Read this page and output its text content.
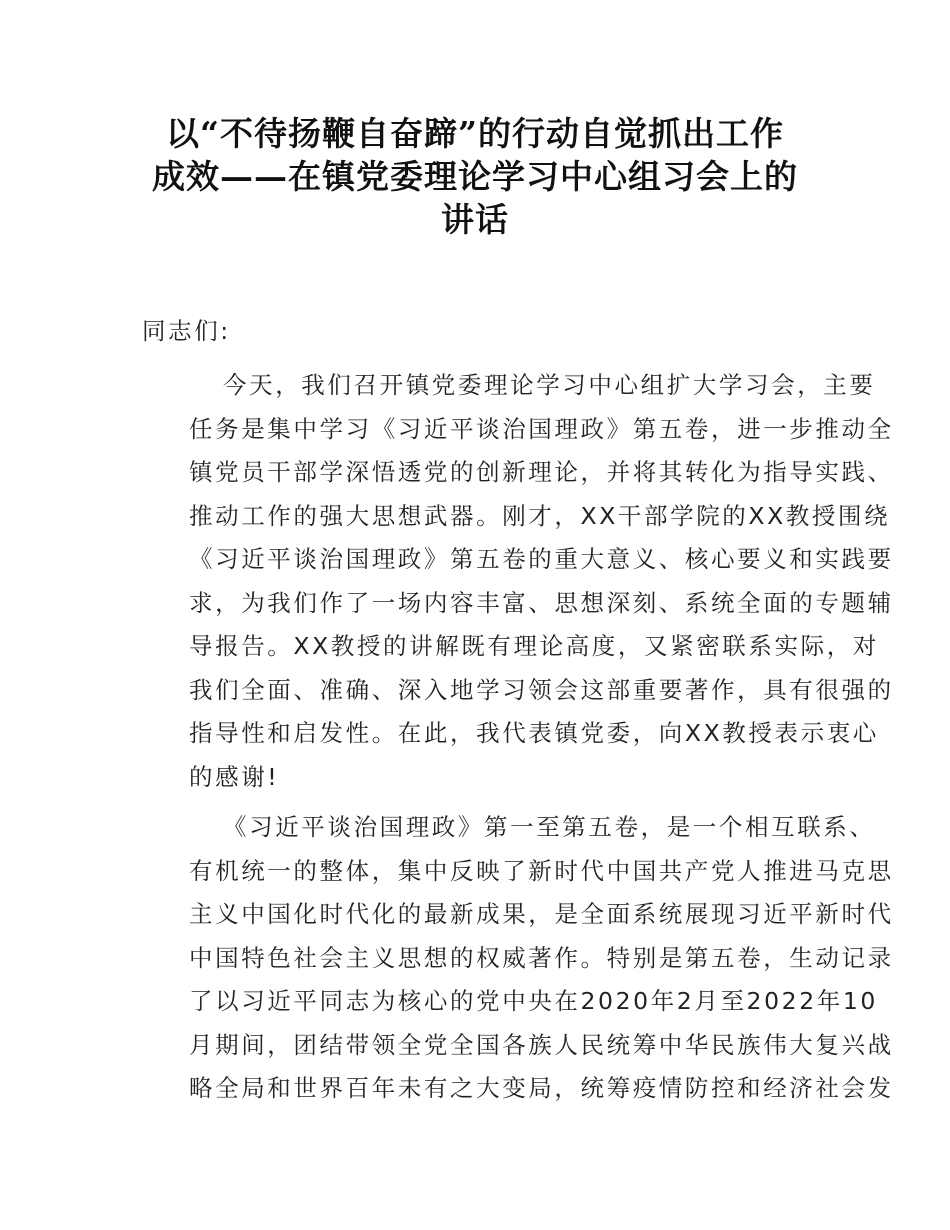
以“不待扬鞭自奋蹄”的行动自觉抓出工作
成效——在镇党委理论学习中心组习会上的
讲话
同志们:
今天，我们召开镇党委理论学习中心组扩大学习会，主要
任务是集中学习《习近平谈治国理政》第五卷，进一步推动全
镇党员干部学深悟透党的创新理论，并将其转化为指导实践、
推动工作的强大思想武器。刚才，XX干部学院的XX教授围绕
《习近平谈治国理政》第五卷的重大意义、核心要义和实践要
求，为我们作了一场内容丰富、思想深刻、系统全面的专题辅
导报告。XX教授的讲解既有理论高度，又紧密联系实际，对
我们全面、准确、深入地学习领会这部重要著作，具有很强的
指导性和启发性。在此，我代表镇党委，向XX教授表示衷心
的感谢!
《习近平谈治国理政》第一至第五卷，是一个相互联系、
有机统一的整体，集中反映了新时代中国共产党人推进马克思
主义中国化时代化的最新成果，是全面系统展现习近平新时代
中国特色社会主义思想的权威著作。特别是第五卷，生动记录
了以习近平同志为核心的党中央在2020年2月至2022年10
月期间，团结带领全党全国各族人民统筹中华民族伟大复兴战
略全局和世界百年未有之大变局，统筹疫情防控和经济社会发
